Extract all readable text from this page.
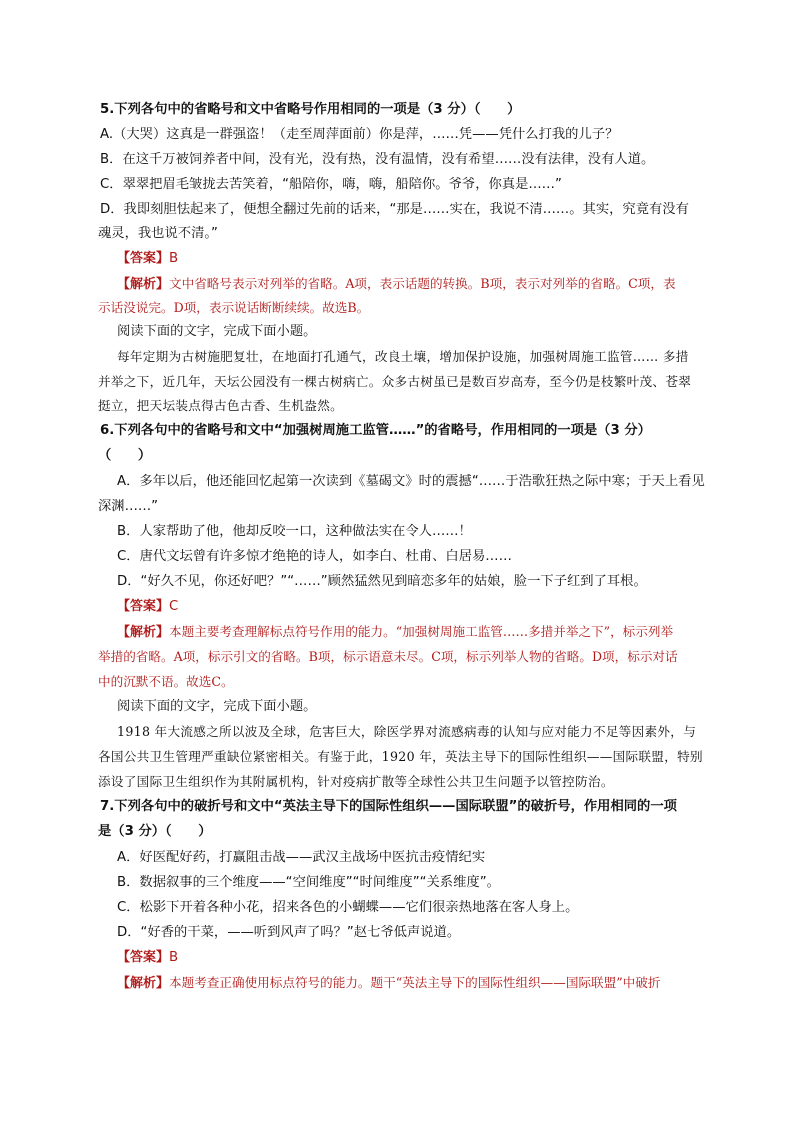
5.下列各句中的省略号和文中省略号作用相同的一项是（3 分）（　　）
A.（大哭）这真是一群强盗！（走至周萍面前）你是萍，……凭——凭什么打我的儿子？
B．在这千万被饲养者中间，没有光，没有热，没有温情，没有希望……没有法律，没有人道。
C．翠翠把眉毛皱拢去苦笑着，“船陪你，嗨，嗨，船陪你。爷爷，你真是……”
D．我即刻胆怯起来了，便想全翻过先前的话来，“那是……实在，我说不清……。其实，究竟有没有
魂灵，我也说不清。”
【答案】B
【解析】文中省略号表示对列举的省略。A项，表示话题的转换。B项，表示对列举的省略。C项，表
示话没说完。D项，表示说话断断续续。故选B。
阅读下面的文字，完成下面小题。
每年定期为古树施肥复壮，在地面打孔通气，改良土壤，增加保护设施，加强树周施工监管…… 多措
并举之下，近几年，天坛公园没有一棵古树病亡。众多古树虽已是数百岁高寿，至今仍是枝繁叶茂、苍翠
挺立，把天坛装点得古色古香、生机盎然。
6.下列各句中的省略号和文中“加强树周施工监管……”的省略号，作用相同的一项是（3 分）
（　　）
A．多年以后，他还能回忆起第一次读到《墓碣文》时的震撼“……于浩歌狂热之际中寒；于天上看见
深渊……”
B．人家帮助了他，他却反咬一口，这种做法实在令人……！
C．唐代文坛曾有许多惊才绝艳的诗人，如李白、杜甫、白居易……
D．“好久不见，你还好吧？”“……”顾然猛然见到暗恋多年的姑娘，脸一下子红到了耳根。
【答案】C
【解析】本题主要考查理解标点符号作用的能力。“加强树周施工监管……多措并举之下”，标示列举
举措的省略。A项，标示引文的省略。B项，标示语意未尽。C项，标示列举人物的省略。D项，标示对话
中的沉默不语。故选C。
阅读下面的文字，完成下面小题。
1918 年大流感之所以波及全球，危害巨大，除医学界对流感病毒的认知与应对能力不足等因素外，与
各国公共卫生管理严重缺位紧密相关。有鉴于此，1920 年，英法主导下的国际性组织——国际联盟，特别
添设了国际卫生组织作为其附属机构，针对疫病扩散等全球性公共卫生问题予以管控防治。
7.下列各句中的破折号和文中“英法主导下的国际性组织——国际联盟”的破折号，作用相同的一项
是（3 分）（　　）
A．好医配好药，打赢阻击战——武汉主战场中医抗击疫情纪实
B．数据叙事的三个维度——“空间维度”“时间维度”“关系维度”。
C．松影下开着各种小花，招来各色的小蝴蝶——它们很亲热地落在客人身上。
D．“好香的干菜，——听到风声了吗？”赵七爷低声说道。
【答案】B
【解析】本题考查正确使用标点符号的能力。题干“英法主导下的国际性组织——国际联盟”中破折
